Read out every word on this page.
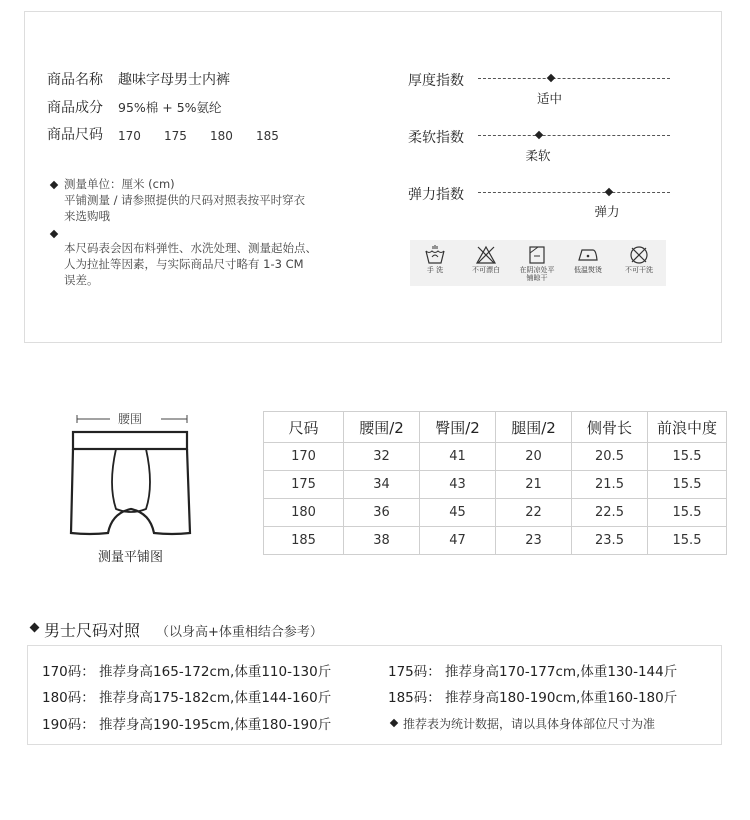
商品名称 趣味字母男士内裤
商品成分 95%棉 + 5%氨纶
商品尺码 170 175 180 185
测量单位：厘米 (cm)
平铺测量 / 请参照提供的尺码对照表按平时穿衣
来选购哦
本尺码表会因布料弹性、水洗处理、测量起始点、
人为拉扯等因素，与实际商品尺寸略有 1-3 CM
误差。
厚度指数
适中
柔软指数
柔软
弹力指数
弹力
手 洗	不可漂白	在阴凉处平铺晾干
低温熨烫	不可干洗
腰围
测量平铺图
尺码	腰围/2	臀围/2	腿围/2	侧骨长	前浪中度
170	32	41	20	20.5	15.5
175	34	43	21	21.5	15.5
180	36	45	22	22.5	15.5
185	38	47	23	23.5	15.5
男士尺码对照 （以身高+体重相结合参考）
170码： 推荐身高165-172cm,体重110-130斤	175码： 推荐身高170-177cm,体重130-144斤
180码： 推荐身高175-182cm,体重144-160斤	185码： 推荐身高180-190cm,体重160-180斤
190码： 推荐身高190-195cm,体重180-190斤	推荐表为统计数据，请以具体身体部位尺寸为准
